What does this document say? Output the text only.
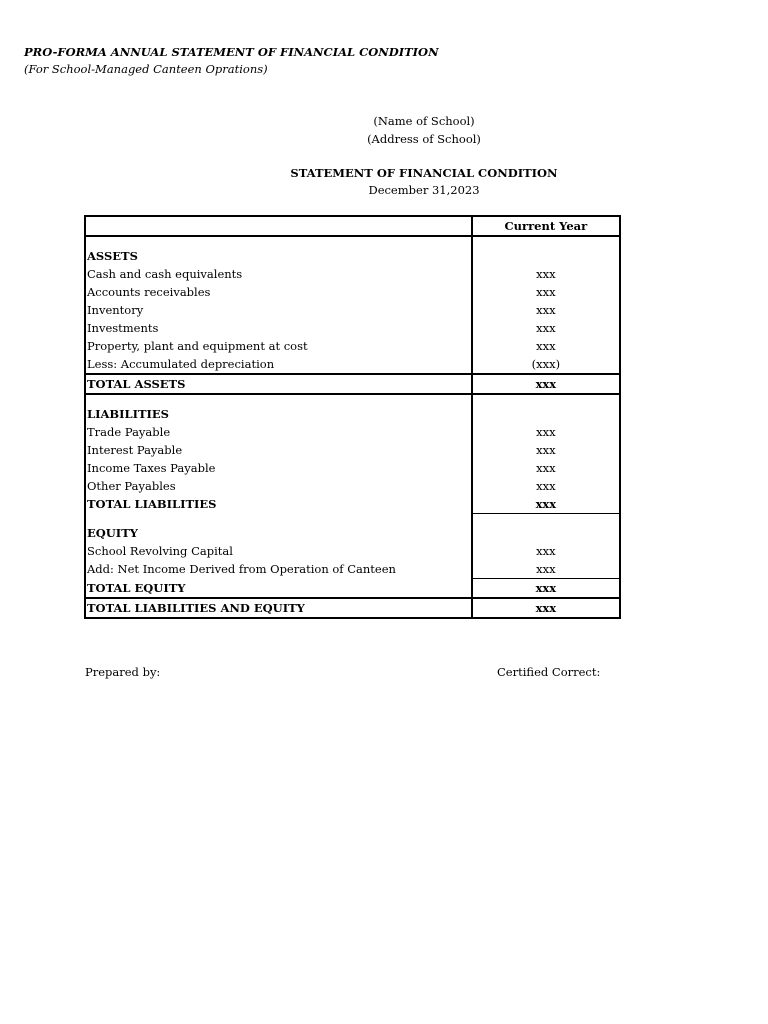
PRO-FORMA ANNUAL STATEMENT OF FINANCIAL CONDITION
(For School-Managed Canteen Oprations)
(Name of School)
(Address of School)
STATEMENT OF FINANCIAL CONDITION
December 31,2023
	Current Year

ASSETS	
Cash and cash equivalents	xxx
Accounts receivables	xxx
Inventory	xxx
Investments	xxx
Property, plant and equipment at cost	xxx
Less: Accumulated depreciation	(xxx)
TOTAL ASSETS	xxx

LIABILITIES	
Trade Payable	xxx
Interest Payable	xxx
Income Taxes Payable	xxx
Other Payables	xxx
TOTAL LIABILITIES	xxx

EQUITY	
School Revolving Capital	xxx
Add: Net Income Derived from Operation of Canteen	xxx
TOTAL EQUITY	xxx
TOTAL LIABILITIES AND EQUITY	xxx
Prepared by:	Certified Correct:
